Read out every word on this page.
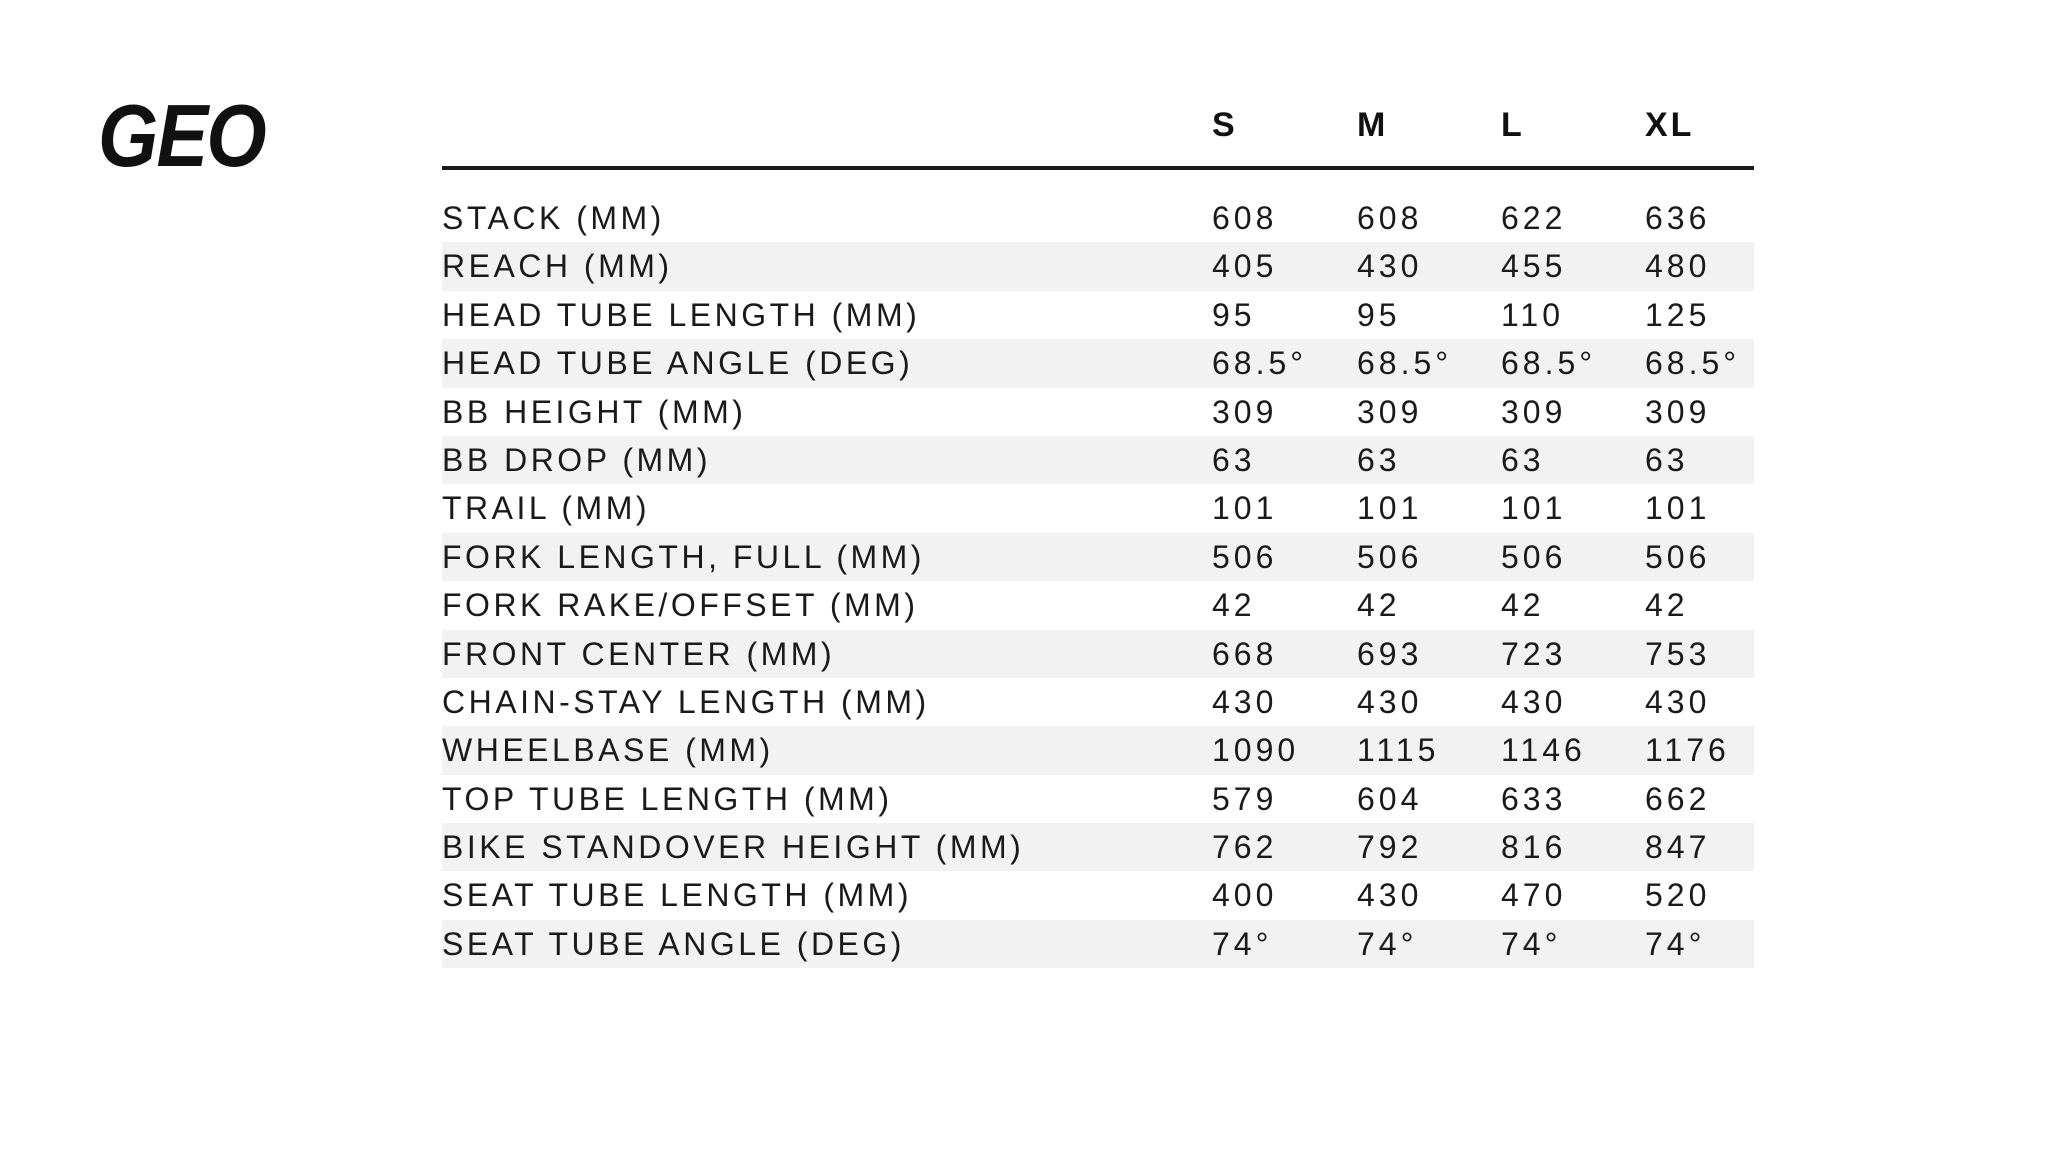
GEO	S	M	L	XL
STACK (MM)	608 608 622 636
REACH (MM)	405 430 455 480
HEAD TUBE LENGTH (MM)	95	95	110	125
HEAD TUBE ANGLE (DEG)	68.5° 68.5° 68.5° 68.5°
BB HEIGHT (MM)	309 309 309 309
BB DROP (MM)	63	63	63	63
TRAIL (MM)	101 101 101 101
FORK LENGTH, FULL (MM)	506 506 506 506
FORK RAKE/OFFSET (MM)	42	42	42	42
FRONT CENTER (MM)	668 693 723 753
CHAIN-STAY LENGTH (MM)	430 430 430 430
WHEELBASE (MM)	1090 1115 1146 1176
TOP TUBE LENGTH (MM)	579 604 633 662
BIKE STANDOVER HEIGHT (MM)	762 792 816 847
SEAT TUBE LENGTH (MM)	400 430 470 520
SEAT TUBE ANGLE (DEG)	74°	74°	74°	74°
